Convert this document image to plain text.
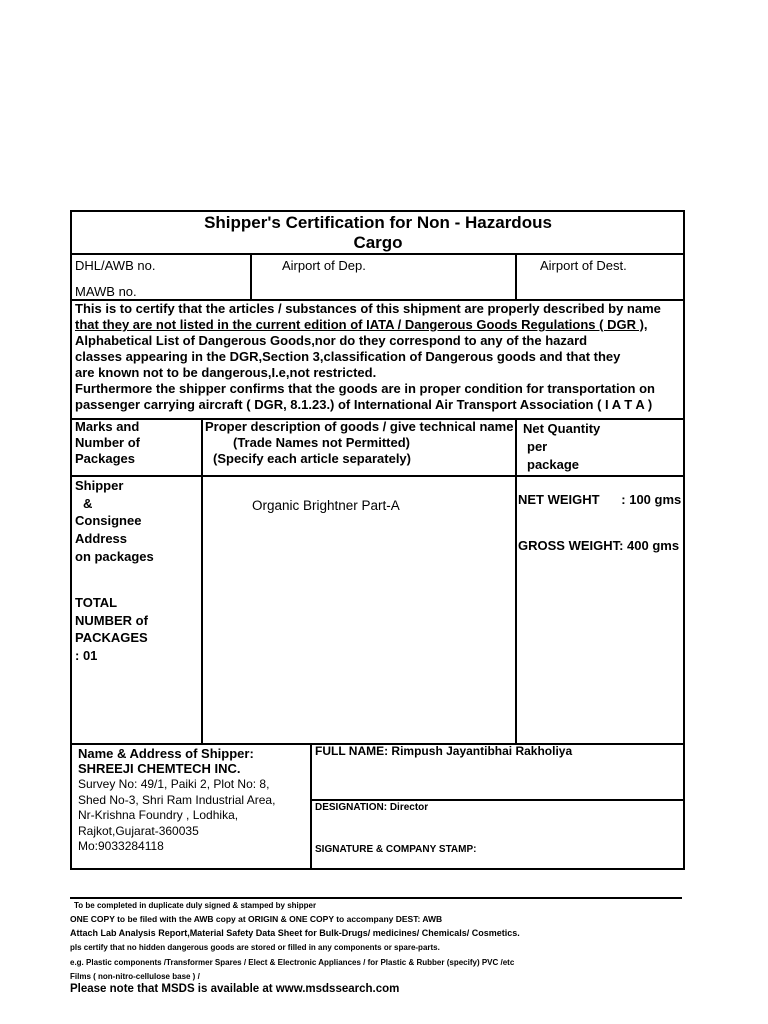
Shipper's Certification for Non - Hazardous
Cargo
DHL/AWB no.
MAWB no.
Airport of Dep.	Airport of Dest.
This is to certify that the articles / substances of this shipment are properly described by name
that they are not listed in the current edition of IATA / Dangerous Goods Regulations ( DGR ),
Alphabetical List of Dangerous Goods,nor do they correspond to any of the hazard
classes appearing in the DGR,Section 3,classification of Dangerous goods and that they
are known not to be dangerous,I.e,not restricted.
Furthermore the shipper confirms that the goods are in proper condition for transportation on
passenger carrying aircraft ( DGR, 8.1.23.) of International Air Transport Association ( I A T A )
Marks and
Number of
Packages
Proper description of goods / give technical name
(Trade Names not Permitted)
(Specify each article separately)
Net Quantity
per
package
Shipper
&
Consignee
Address
on packages
TOTAL
NUMBER of
PACKAGES
: 01
Organic Brightner Part-A	NET WEIGHT      : 100 gms
GROSS WEIGHT: 400 gms
Name & Address of Shipper:
SHREEJI CHEMTECH INC.
Survey No: 49/1, Paiki 2, Plot No: 8,
Shed No-3, Shri Ram Industrial Area,
Nr-Krishna Foundry , Lodhika,
Rajkot,Gujarat-360035
Mo:9033284118
FULL NAME: Rimpush Jayantibhai Rakholiya
DESIGNATION: Director
SIGNATURE & COMPANY STAMP:
To be completed in duplicate duly signed & stamped by shipper
ONE COPY to be filed with the AWB copy at ORIGIN & ONE COPY to accompany DEST: AWB
Attach Lab Analysis Report,Material Safety Data Sheet for Bulk-Drugs/ medicines/ Chemicals/ Cosmetics.
pls certify that no hidden dangerous goods are stored or filled in any components or spare-parts.
e.g. Plastic components /Transformer Spares / Elect & Electronic Appliances / for Plastic & Rubber (specify) PVC /etc
Films ( non-nitro-cellulose base ) /
Please note that MSDS is available at www.msdssearch.com
